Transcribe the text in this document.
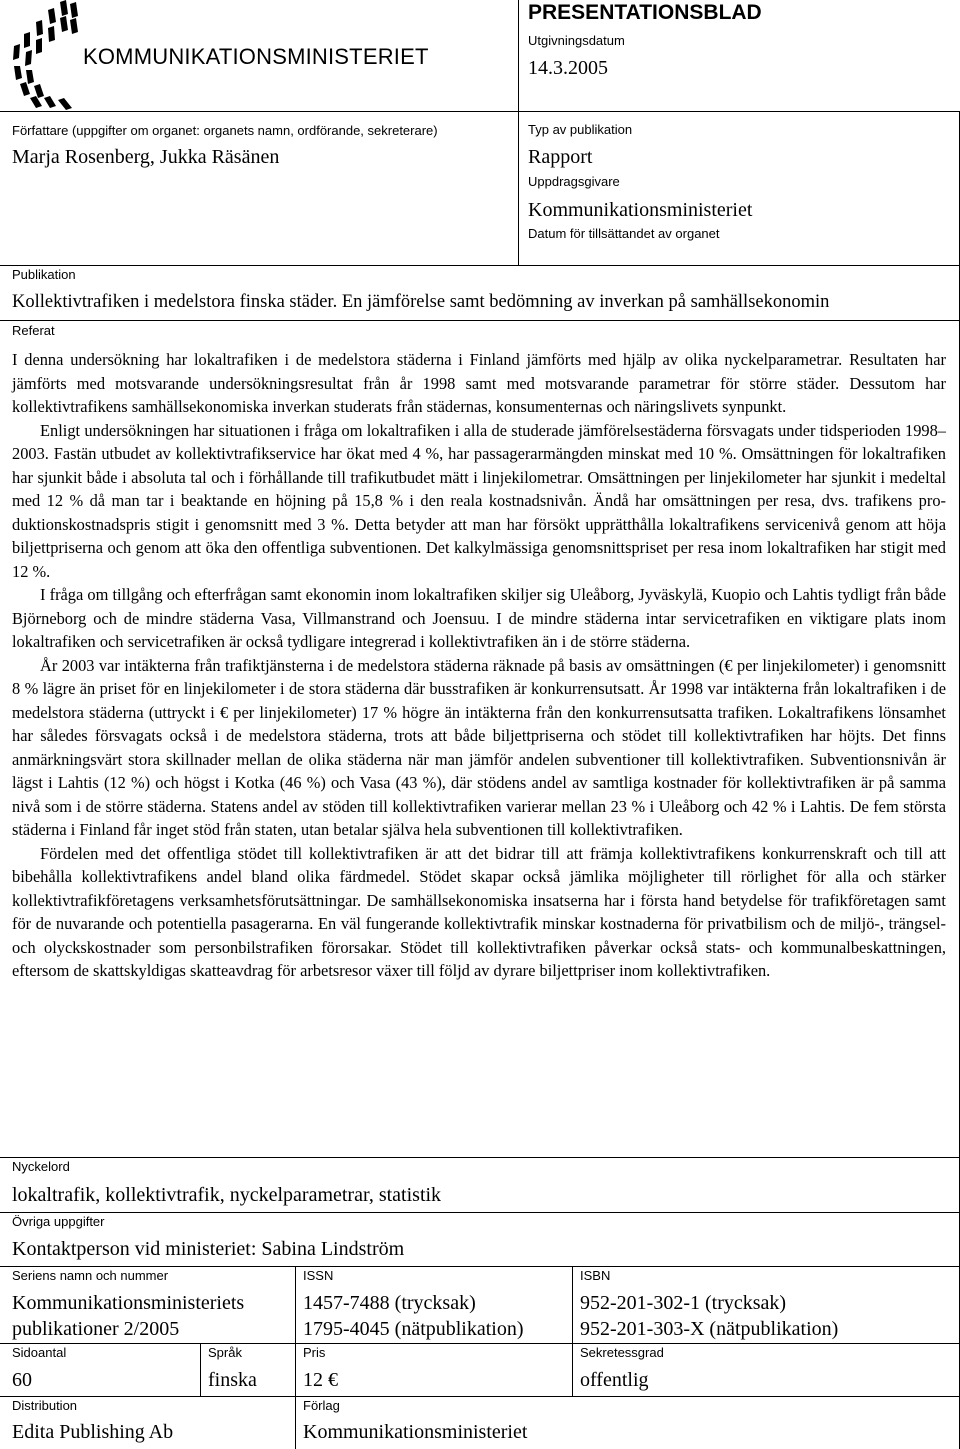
KOMMUNIKATIONSMINISTERIET
PRESENTATIONSBLAD
Utgivningsdatum
14.3.2005
Författare (uppgifter om organet: organets namn, ordförande, sekreterare)
Marja Rosenberg, Jukka Räsänen
Typ av publikation
Rapport
Uppdragsgivare
Kommunikationsministeriet
Datum för tillsättandet av organet
Publikation
Kollektivtrafiken i medelstora finska städer. En jämförelse samt bedömning av inverkan på samhällsekonomin
Referat

I denna undersökning har lokaltrafiken i de medelstora städerna i Finland jämförts med hjälp av olika nyckelparametrar. Resultaten har jämförts med motsvarande undersökningsresultat från år 1998 samt med motsvarande parametrar för större städer. Dessutom har kollektivtrafikens samhällsekonomiska inverkan studerats från städernas, konsumenternas och näringslivets synpunkt.

Enligt undersökningen har situationen i fråga om lokaltrafiken i alla de studerade jämförelsestäderna försvagats under tidsperioden 1998–2003. Fastän utbudet av kollektivtrafikservice har ökat med 4 %, har passagerarmängden minskat med 10 %. Omsättningen för lokaltrafiken har sjunkit både i absoluta tal och i förhållande till trafikutbudet mätt i linjekilometrar. Omsättningen per linjekilometer har sjunkit i medeltal med 12 % då man tar i beaktande en höjning på 15,8 % i den reala kostnadsnivån. Ändå har omsättningen per resa, dvs. trafikens produktionskostnadspris stigit i genomsnitt med 3 %. Detta betyder att man har försökt upprätthålla lokaltrafikens servicenivå genom att höja biljettpriserna och genom att öka den offentliga subventionen. Det kalkylmässiga genomsnittspriset per resa inom lokaltrafiken har stigit med 12 %.

I fråga om tillgång och efterfrågan samt ekonomin inom lokaltrafiken skiljer sig Uleåborg, Jyväskylä, Kuopio och Lahtis tydligt från både Björneborg och de mindre städerna Vasa, Villmanstrand och Joensuu. I de mindre städerna intar servicetrafiken en viktigare plats inom lokaltrafiken och servicetrafiken är också tydligare integrerad i kollektivtrafiken än i de större städerna.

År 2003 var intäkterna från trafiktjänsterna i de medelstora städerna räknade på basis av omsättningen (€ per linjekilometer) i genomsnitt 8 % lägre än priset för en linjekilometer i de stora städerna där busstrafiken är konkurrensutsatt. År 1998 var intäkterna från lokaltrafiken i de medelstora städerna (uttryckt i € per linjekilometer) 17 % högre än intäkterna från den konkurrensutsatta trafiken. Lokaltrafikens lönsamhet har således försvagats också i de medelstora städerna, trots att både biljettpriserna och stödet till kollektivtrafiken har höjts. Det finns anmärkningsvärt stora skillnader mellan de olika städerna när man jämför andelen subventioner till kollektivtrafiken. Subventionsnivån är lägst i Lahtis (12 %) och högst i Kotka (46 %) och Vasa (43 %), där stödens andel av samtliga kostnader för kollektivtrafiken är på samma nivå som i de större städerna. Statens andel av stöden till kollektivtrafiken varierar mellan 23 % i Uleåborg och 42 % i Lahtis. De fem största städerna i Finland får inget stöd från staten, utan betalar själva hela subventionen till kollektivtrafiken.

Fördelen med det offentliga stödet till kollektivtrafiken är att det bidrar till att främja kollektivtrafikens konkurrenskraft och till att bibehålla kollektivtrafikens andel bland olika färdmedel. Stödet skapar också jämlika möjligheter till rörlighet för alla och stärker kollektivtrafikföretagens verksamhetsförutsättningar. De samhällsekonomiska insatserna har i första hand betydelse för trafikföretagen samt för de nuvarande och potentiella pasagerarna. En väl fungerande kollektivtrafik minskar kostnaderna för privatbilism och de miljö-, trängsel- och olyckskostnader som personbilstrafiken förorsakar. Stödet till kollektivtrafiken påverkar också stats- och kommunalbeskattningen, eftersom de skattskyldigas skatteavdrag för arbetsresor växer till följd av dyrare biljettpriser inom kollektivtrafiken.

Nyckelord
lokaltrafik, kollektivtrafik, nyckelparametrar, statistik
Övriga uppgifter
Kontaktperson vid ministeriet: Sabina Lindström
Seriens namn och nummer
Kommunikationsministeriets
publikationer 2/2005
ISSN
1457-7488 (trycksak)
1795-4045 (nätpublikation)
ISBN
952-201-302-1 (trycksak)
952-201-303-X (nätpublikation)
Sidoantal
60
Språk
finska
Pris
12 €
Sekretessgrad
offentlig
Distribution
Edita Publishing Ab
Förlag
Kommunikationsministeriet
